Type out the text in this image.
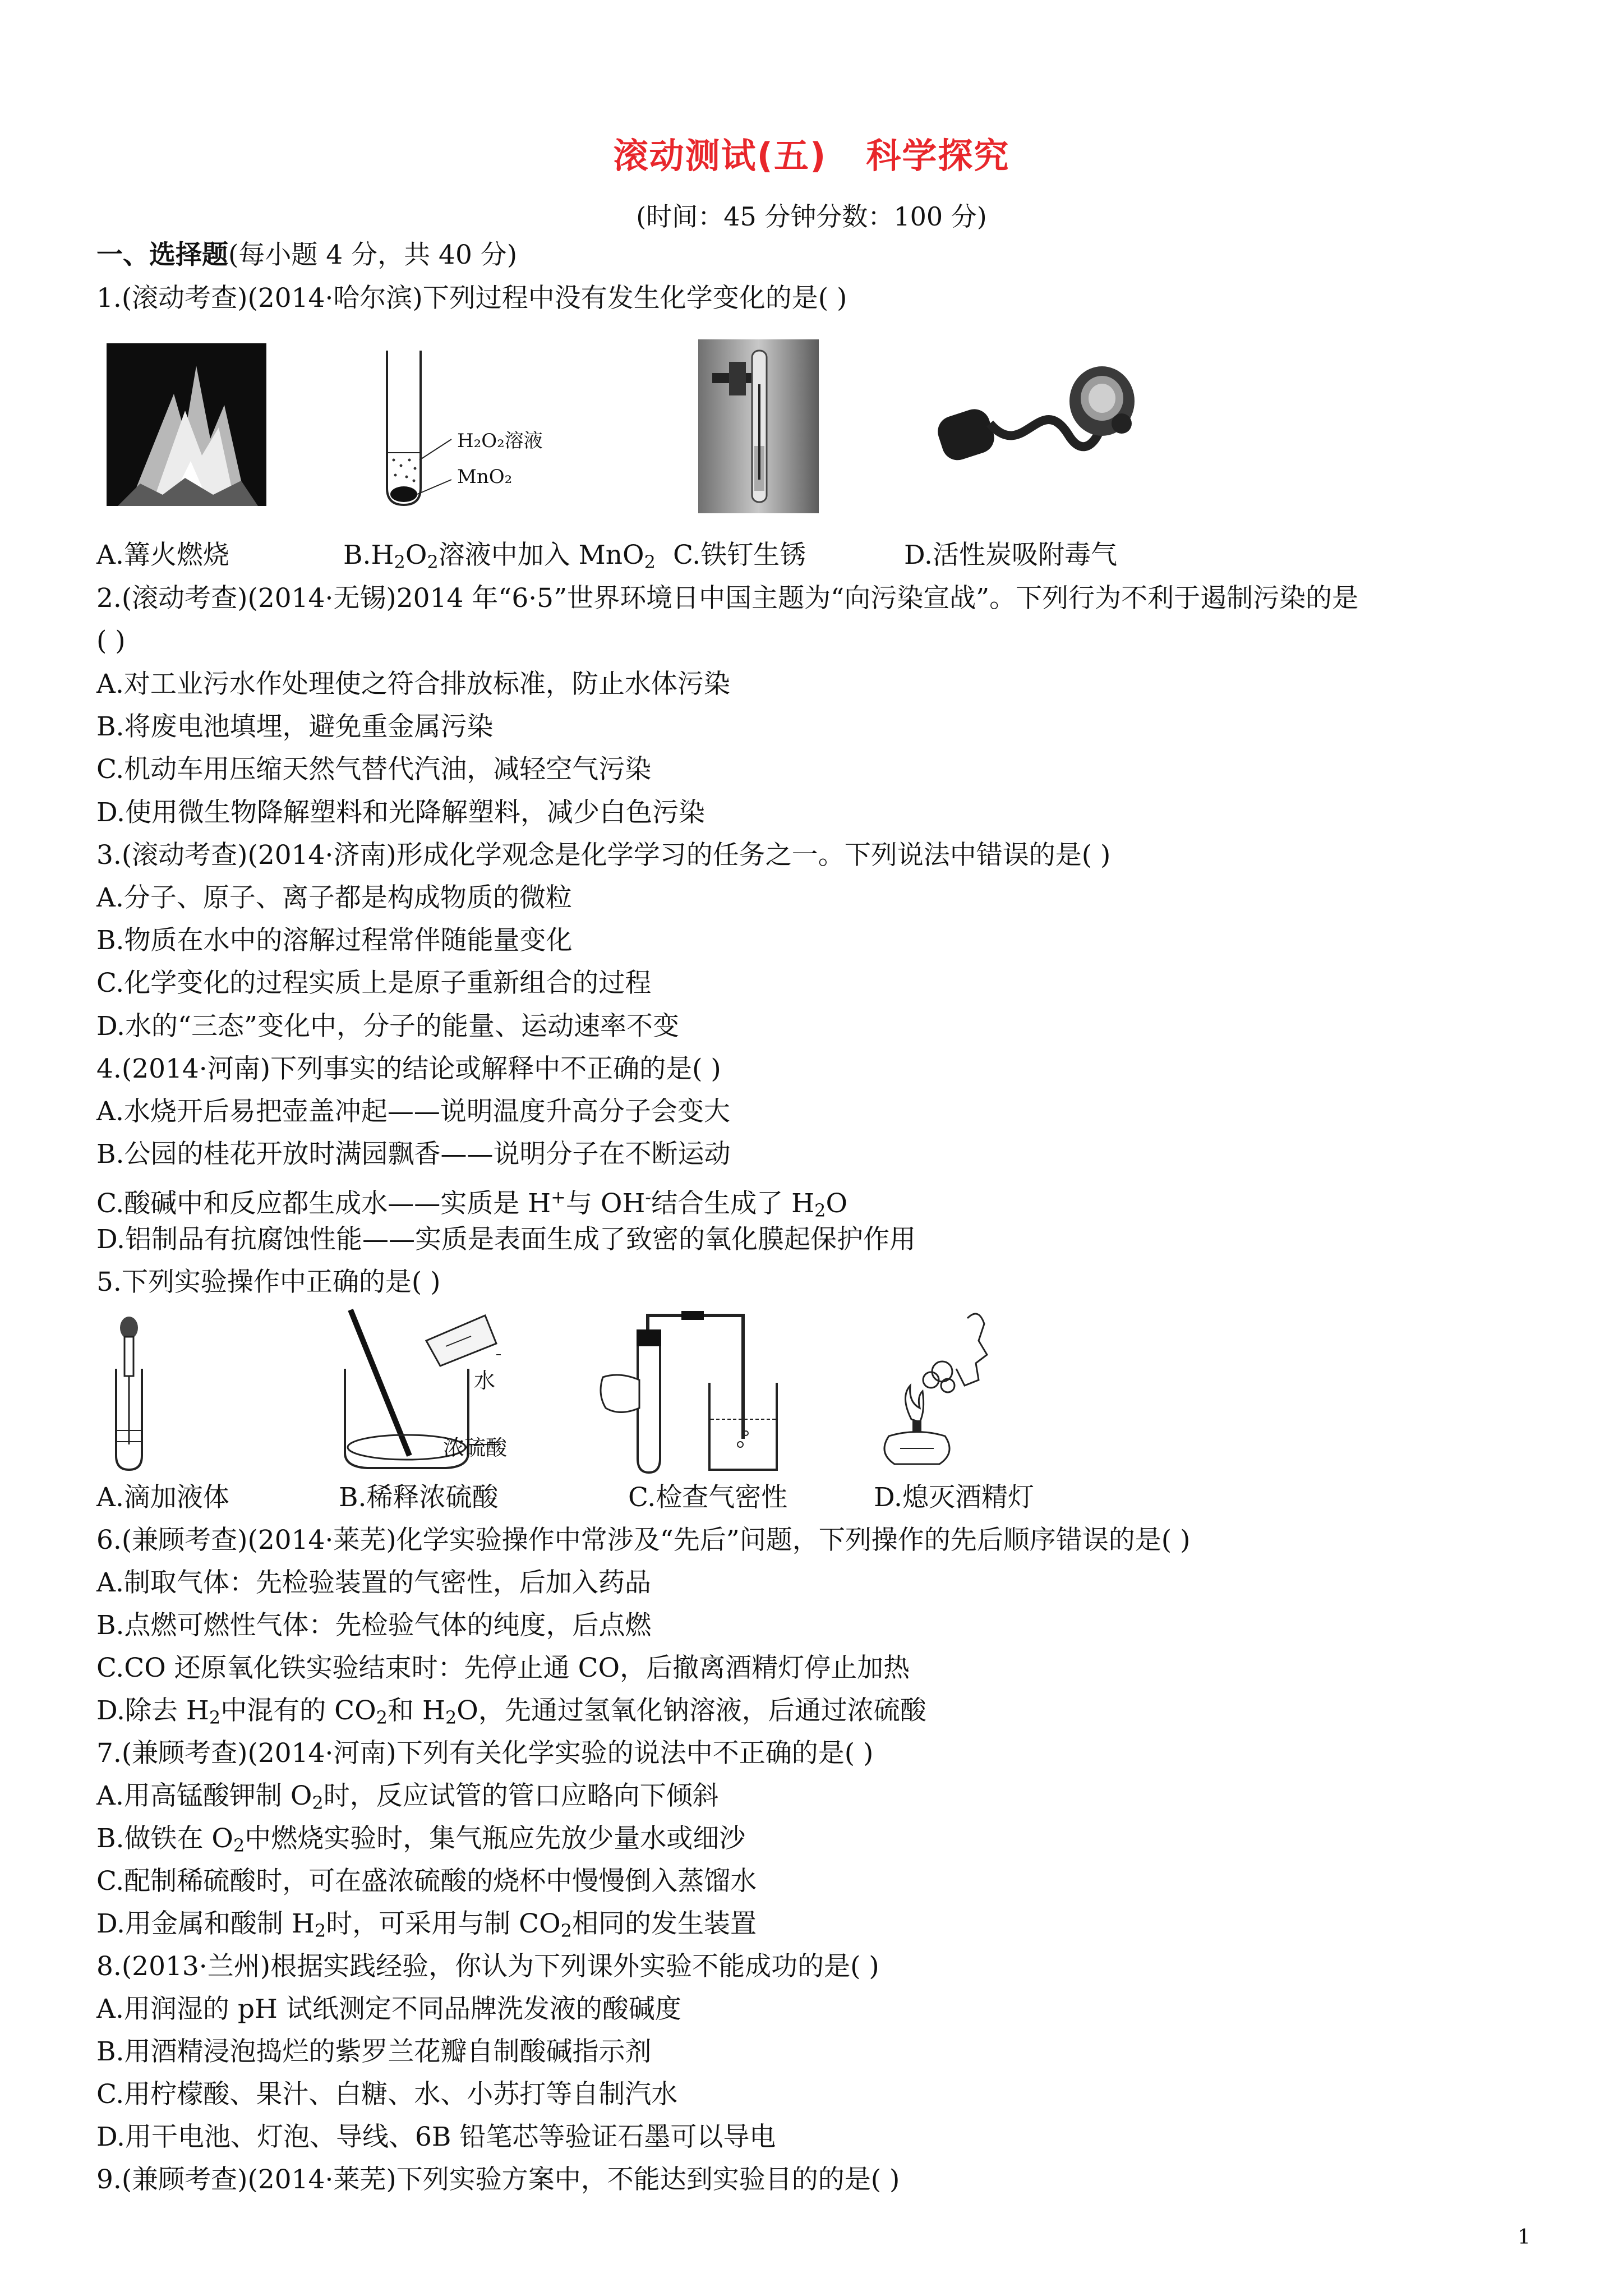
滚动测试(五) 科学探究
(时间：45 分钟分数：100 分)
一、选择题(每小题 4 分，共 40 分)
1.(滚动考查)(2014·哈尔滨)下列过程中没有发生化学变化的是( )
H₂O₂溶液
MnO₂
A.篝火燃烧	$B.H_2O_2$溶液中加入 MnO$_2$ C.铁钉生锈	D.活性炭吸附毒气
2.(滚动考查)(2014·无锡)2014 年“6·5”世界环境日中国主题为“向污染宣战”。下列行为不利于遏制污染的是
( )
A.对工业污水作处理使之符合排放标准，防止水体污染
B.将废电池填埋，避免重金属污染
C.机动车用压缩天然气替代汽油，减轻空气污染
D.使用微生物降解塑料和光降解塑料，减少白色污染
3.(滚动考查)(2014·济南)形成化学观念是化学学习的任务之一。下列说法中错误的是( )
A.分子、原子、离子都是构成物质的微粒
B.物质在水中的溶解过程常伴随能量变化
C.化学变化的过程实质上是原子重新组合的过程
D.水的“三态”变化中，分子的能量、运动速率不变
4.(2014·河南)下列事实的结论或解释中不正确的是( )
A.水烧开后易把壶盖冲起——说明温度升高分子会变大
B.公园的桂花开放时满园飘香——说明分子在不断运动
C.酸碱中和反应都生成水——实质是 H+与 OH-结合生成了 $H_2O$
D.铝制品有抗腐蚀性能——实质是表面生成了致密的氧化膜起保护作用
5.下列实验操作中正确的是( )
水
浓硫酸
A.滴加液体	B.稀释浓硫酸	C.检查气密性	D.熄灭酒精灯
6.(兼顾考查)(2014·莱芜)化学实验操作中常涉及“先后”问题，下列操作的先后顺序错误的是( )
A.制取气体：先检验装置的气密性，后加入药品
B.点燃可燃性气体：先检验气体的纯度，后点燃
C.CO 还原氧化铁实验结束时：先停止通 CO，后撤离酒精灯停止加热
D.除去 $H_2$中混有的 $CO_2$和 $H_2O$，先通过氢氧化钠溶液，后通过浓硫酸
7.(兼顾考查)(2014·河南)下列有关化学实验的说法中不正确的是( )
A.用高锰酸钾制 $O_2$时，反应试管的管口应略向下倾斜
B.做铁在 $O_2$中燃烧实验时，集气瓶应先放少量水或细沙
C.配制稀硫酸时，可在盛浓硫酸的烧杯中慢慢倒入蒸馏水
D.用金属和酸制 $H_2$时，可采用与制 $CO_2$相同的发生装置
8.(2013·兰州)根据实践经验，你认为下列课外实验不能成功的是( )
A.用润湿的 pH 试纸测定不同品牌洗发液的酸碱度
B.用酒精浸泡捣烂的紫罗兰花瓣自制酸碱指示剂
C.用柠檬酸、果汁、白糖、水、小苏打等自制汽水
D.用干电池、灯泡、导线、6B 铅笔芯等验证石墨可以导电
9.(兼顾考查)(2014·莱芜)下列实验方案中，不能达到实验目的的是( )
1
